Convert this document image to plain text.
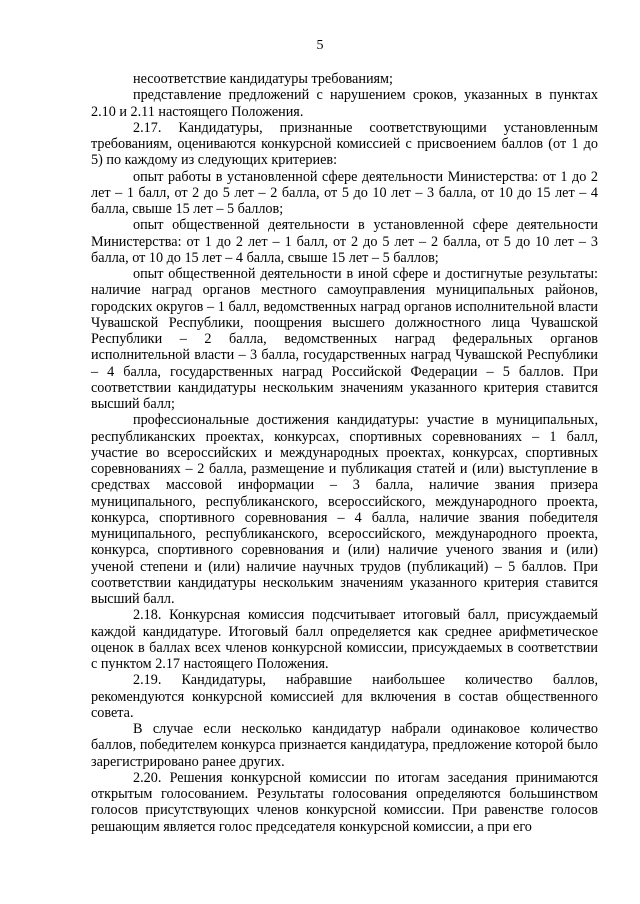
5

несоответствие кандидатуры требованиям;

представление предложений с нарушением сроков, указанных в пунктах 2.10 и 2.11 настоящего Положения.

2.17. Кандидатуры, признанные соответствующими установленным требованиям, оцениваются конкурсной комиссией с присвоением баллов (от 1 до 5) по каждому из следующих критериев:

опыт работы в установленной сфере деятельности Министерства: от 1 до 2 лет – 1 балл, от 2 до 5 лет – 2 балла, от 5 до 10 лет – 3 балла, от 10 до 15 лет – 4 балла, свыше 15 лет – 5 баллов;

опыт общественной деятельности в установленной сфере деятельности Министерства: от 1 до 2 лет – 1 балл, от 2 до 5 лет – 2 балла, от 5 до 10 лет – 3 балла, от 10 до 15 лет – 4 балла, свыше 15 лет – 5 баллов;

опыт общественной деятельности в иной сфере и достигнутые результаты: наличие наград органов местного самоуправления муниципальных районов, городских округов – 1 балл, ведомственных наград органов исполнительной власти Чувашской Республики, поощрения высшего должностного лица Чувашской Республики – 2 балла, ведомственных наград федеральных органов исполнительной власти – 3 балла, государственных наград Чувашской Республики – 4 балла, государственных наград Российской Федерации – 5 баллов. При соответствии кандидатуры нескольким значениям указанного критерия ставится высший балл;

профессиональные достижения кандидатуры: участие в муниципальных, республиканских проектах, конкурсах, спортивных соревнованиях – 1 балл, участие во всероссийских и международных проектах, конкурсах, спортивных соревнованиях – 2 балла, размещение и публикация статей и (или) выступление в средствах массовой информации – 3 балла, наличие звания призера муниципального, республиканского, всероссийского, международного проекта, конкурса, спортивного соревнования – 4 балла, наличие звания победителя муниципального, республиканского, всероссийского, международного проекта, конкурса, спортивного соревнования и (или) наличие ученого звания и (или) ученой степени и (или) наличие научных трудов (публикаций) – 5 баллов. При соответствии кандидатуры нескольким значениям указанного критерия ставится высший балл.

2.18. Конкурсная комиссия подсчитывает итоговый балл, присуждаемый каждой кандидатуре. Итоговый балл определяется как среднее арифметическое оценок в баллах всех членов конкурсной комиссии, присуждаемых в соответствии с пунктом 2.17 настоящего Положения.

2.19. Кандидатуры, набравшие наибольшее количество баллов, рекомендуются конкурсной комиссией для включения в состав общественного совета.

В случае если несколько кандидатур набрали одинаковое количество баллов, победителем конкурса признается кандидатура, предложение которой было зарегистрировано ранее других.

2.20. Решения конкурсной комиссии по итогам заседания принимаются открытым голосованием. Результаты голосования определяются большинством голосов присутствующих членов конкурсной комиссии. При равенстве голосов решающим является голос председателя конкурсной комиссии, а при его
